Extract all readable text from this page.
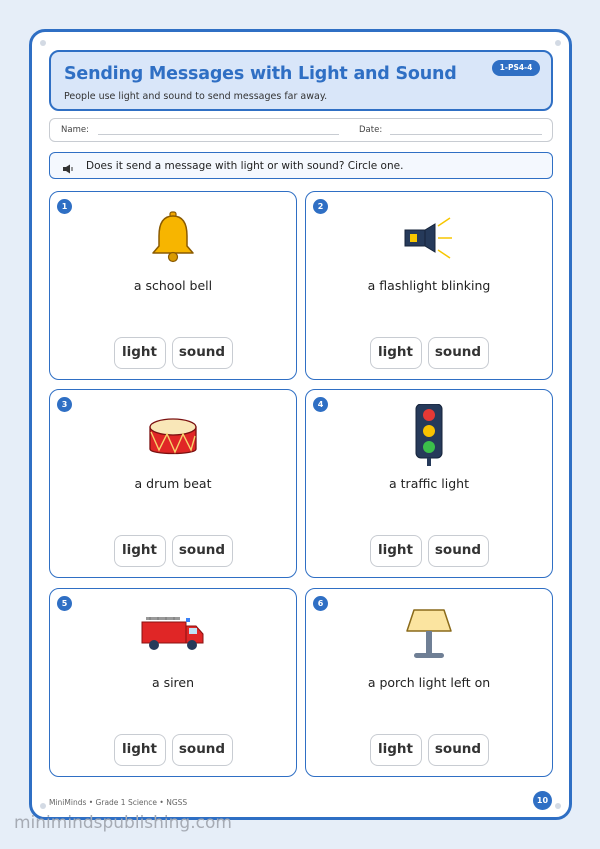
Sending Messages with Light and Sound
People use light and sound to send messages far away.
1-PS4-4
Name:	Date:
Does it send a message with light or with sound? Circle one.
1
a school bell
light	sound
2
a flashlight blinking
light	sound
3
a drum beat
light	sound
4
a traffic light
light	sound
5
a siren
light	sound
6
a porch light left on
light	sound
MiniMinds • Grade 1 Science • NGSS	10
minimindspublishing.com
